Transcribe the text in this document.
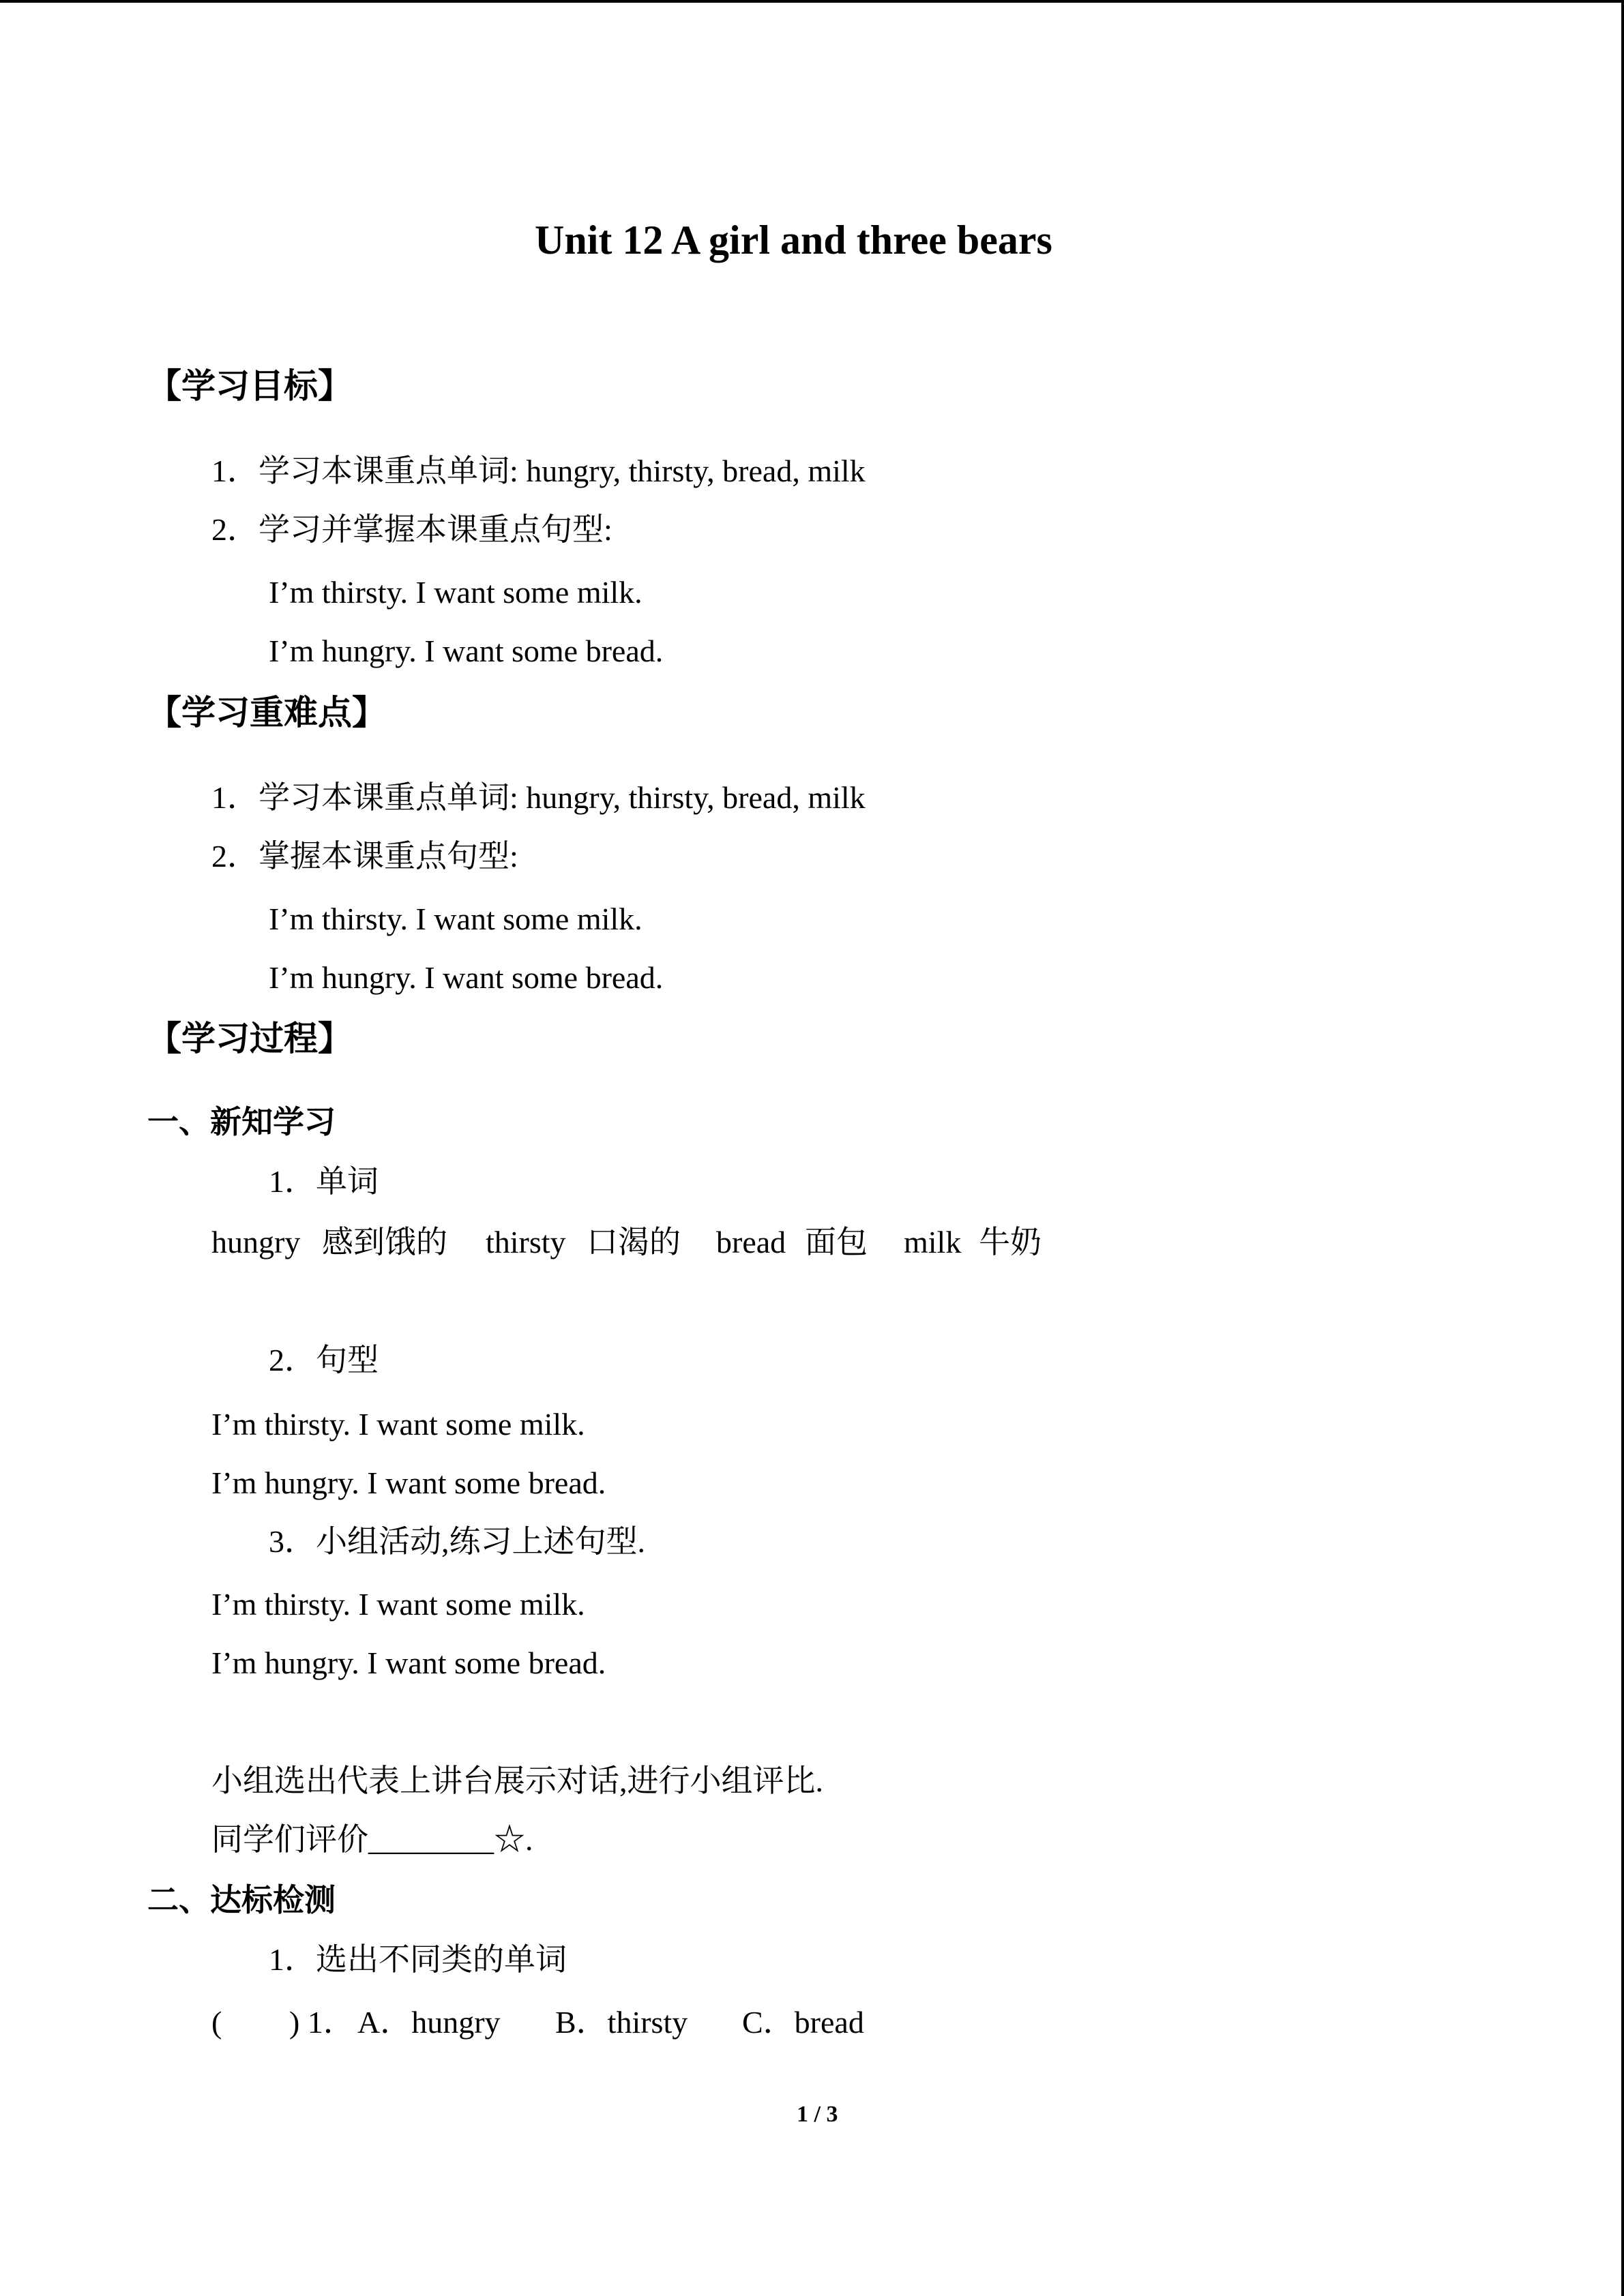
Unit 12 A girl and three bears
【学习目标】
1．学习本课重点单词: hungry, thirsty, bread, milk
2．学习并掌握本课重点句型:
I’m thirsty. I want some milk.
I’m hungry. I want some bread.
【学习重难点】
1．学习本课重点单词: hungry, thirsty, bread, milk
2．掌握本课重点句型:
I’m thirsty. I want some milk.
I’m hungry. I want some bread.
【学习过程】
一、新知学习
1．单词
hungry 感到饿的 thirsty 口渴的 bread 面包 milk 牛奶
2．句型
I’m thirsty. I want some milk.
I’m hungry. I want some bread.
3．小组活动,练习上述句型.
I’m thirsty. I want some milk.
I’m hungry. I want some bread.
小组选出代表上讲台展示对话,进行小组评比.
同学们评价________☆.
二、达标检测
1．选出不同类的单词
( ) 1． A．hungry B．thirsty C．bread
1 / 3
